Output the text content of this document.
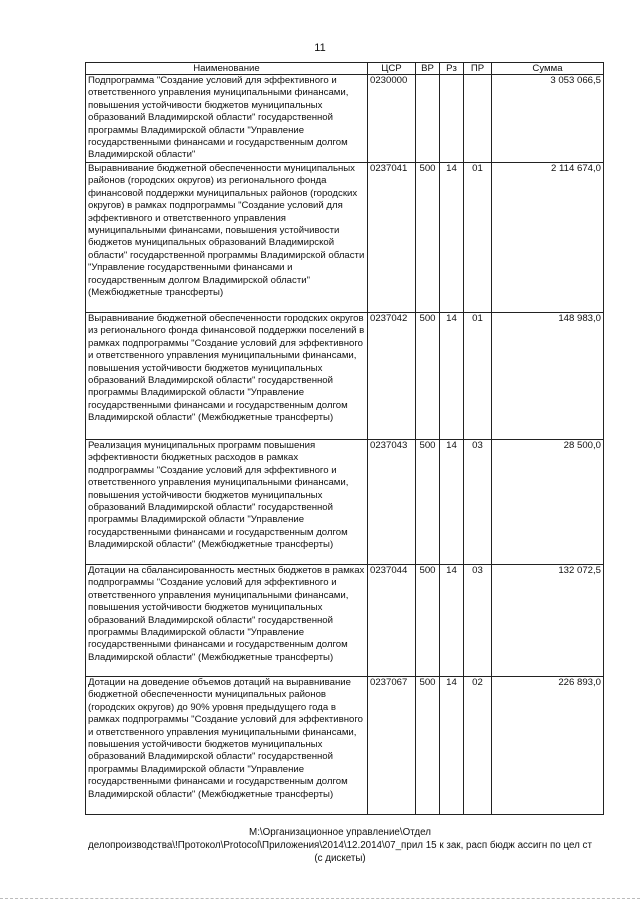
11
Наименование	ЦСР	ВР	Рз	ПР	Сумма
Подпрограмма "Создание условий для эффективного и ответственного управления муниципальными финансами, повышения устойчивости бюджетов муниципальных образований Владимирской области" государственной программы Владимирской области "Управление государственными финансами и государственным долгом Владимирской области"	0230000				3 053 066,5
Выравнивание бюджетной обеспеченности муниципальных районов (городских округов) из регионального фонда финансовой поддержки муниципальных районов (городских округов) в рамках подпрограммы "Создание условий для эффективного и ответственного управления муниципальными финансами, повышения устойчивости бюджетов муниципальных образований Владимирской области" государственной программы Владимирской области "Управление государственными финансами и государственным долгом Владимирской области" (Межбюджетные трансферты)	0237041	500	14	01	2 114 674,0
Выравнивание бюджетной обеспеченности городских округов из регионального фонда финансовой поддержки поселений в рамках подпрограммы "Создание условий для эффективного и ответственного управления муниципальными финансами, повышения устойчивости бюджетов муниципальных образований Владимирской области" государственной программы Владимирской области "Управление государственными финансами и государственным долгом Владимирской области" (Межбюджетные трансферты)	0237042	500	14	01	148 983,0
Реализация муниципальных программ повышения эффективности бюджетных расходов в рамках подпрограммы "Создание условий для эффективного и ответственного управления муниципальными финансами, повышения устойчивости бюджетов муниципальных образований Владимирской области" государственной программы Владимирской области "Управление государственными финансами и государственным долгом Владимирской области" (Межбюджетные трансферты)	0237043	500	14	03	28 500,0
Дотации на сбалансированность местных бюджетов в рамках подпрограммы "Создание условий для эффективного и ответственного управления муниципальными финансами, повышения устойчивости бюджетов муниципальных образований Владимирской области" государственной программы Владимирской области "Управление государственными финансами и государственным долгом Владимирской области" (Межбюджетные трансферты)	0237044	500	14	03	132 072,5
Дотации на доведение объемов дотаций на выравнивание бюджетной обеспеченности муниципальных районов (городских округов) до 90% уровня предыдущего года в рамках подпрограммы "Создание условий для эффективного и ответственного управления муниципальными финансами, повышения устойчивости бюджетов муниципальных образований Владимирской области" государственной программы Владимирской области "Управление государственными финансами и государственным долгом Владимирской области" (Межбюджетные трансферты)	0237067	500	14	02	226 893,0
М:\Организационное управление\Отдел
делопроизводства\!Протокол\Protocol\Приложения\2014\12.2014\07_прил 15 к зак, расп бюдж ассигн по цел ст
(с дискеты)
